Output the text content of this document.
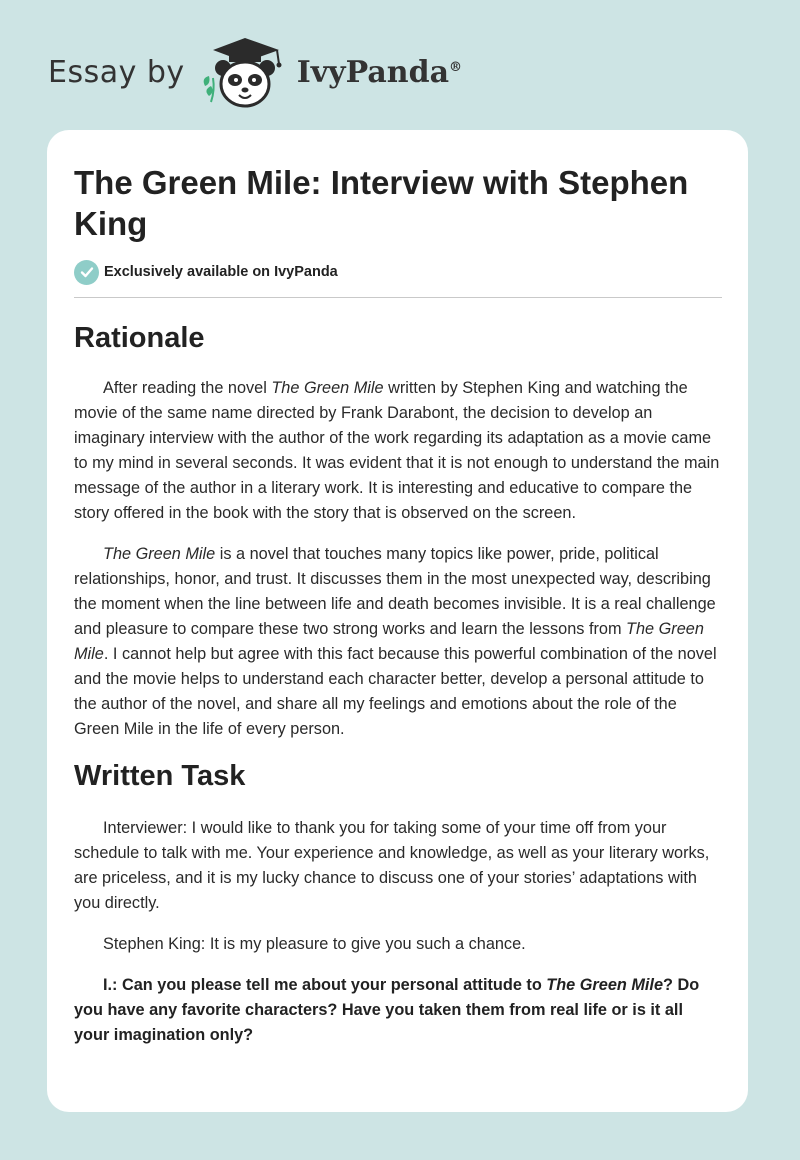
Essay by	IvyPanda®
The Green Mile: Interview with Stephen King
Exclusively available on IvyPanda
Rationale

After reading the novel The Green Mile written by Stephen King and watching the movie of the same name directed by Frank Darabont, the decision to develop an imaginary interview with the author of the work regarding its adaptation as a movie came to my mind in several seconds. It was evident that it is not enough to understand the main message of the author in a literary work. It is interesting and educative to compare the story offered in the book with the story that is observed on the screen.

The Green Mile is a novel that touches many topics like power, pride, political relationships, honor, and trust. It discusses them in the most unexpected way, describing the moment when the line between life and death becomes invisible. It is a real challenge and pleasure to compare these two strong works and learn the lessons from The Green Mile. I cannot help but agree with this fact because this powerful combination of the novel and the movie helps to understand each character better, develop a personal attitude to the author of the novel, and share all my feelings and emotions about the role of the Green Mile in the life of every person.

Written Task

Interviewer: I would like to thank you for taking some of your time off from your schedule to talk with me. Your experience and knowledge, as well as your literary works, are priceless, and it is my lucky chance to discuss one of your stories’ adaptations with you directly.

Stephen King: It is my pleasure to give you such a chance.

I.: Can you please tell me about your personal attitude to The Green Mile? Do you have any favorite characters? Have you taken them from real life or is it all your imagination only?
